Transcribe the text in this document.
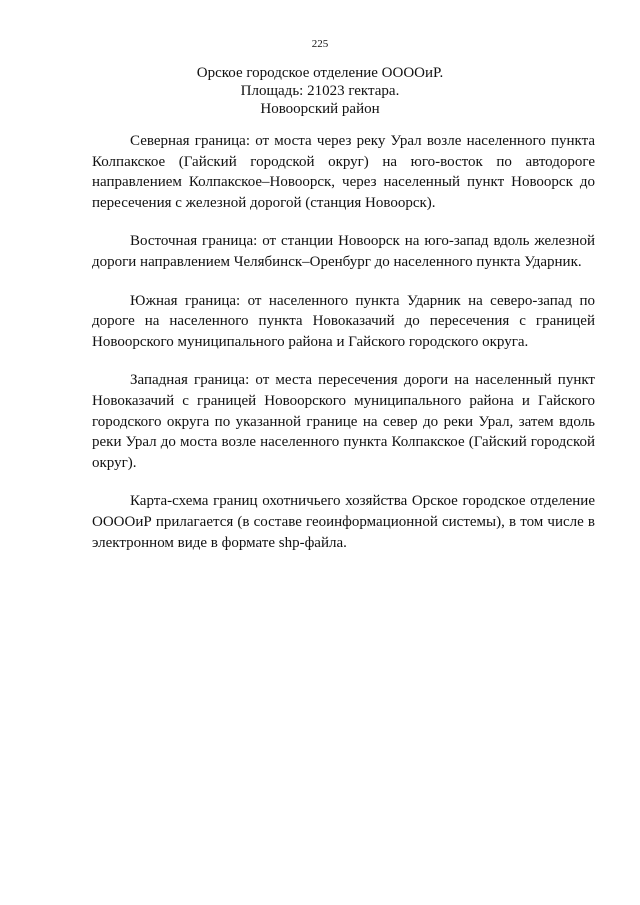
225
Орское городское отделение ООООиР.
Площадь: 21023 гектара.
Новоорский район

Северная граница: от моста через реку Урал возле населенного пункта Колпакское (Гайский городской округ) на юго-восток по автодороге направлением Колпакское–Новоорск, через населенный пункт Новоорск до пересечения с железной дорогой (станция Новоорск).

Восточная граница: от станции Новоорск на юго-запад вдоль железной дороги направлением Челябинск–Оренбург до населенного пункта Ударник.

Южная граница: от населенного пункта Ударник на северо-запад по дороге на населенного пункта Новоказачий до пересечения с границей Новоорского муниципального района и Гайского городского округа.

Западная граница: от места пересечения дороги на населенный пункт Новоказачий с границей Новоорского муниципального района и Гайского городского округа по указанной границе на север до реки Урал, затем вдоль реки Урал до моста возле населенного пункта Колпакское (Гайский городской округ).

Карта-схема границ охотничьего хозяйства Орское городское отделение ООООиР прилагается (в составе геоинформационной системы), в том числе в электронном виде в формате shp-файла.
